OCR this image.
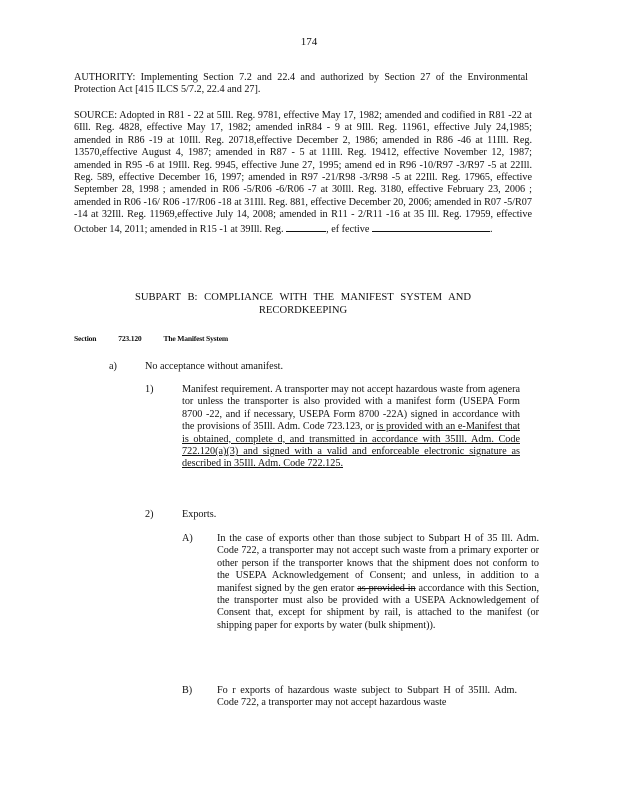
174
AUTHORITY: Implementing Section 7.2 and 22.4 and authorized by Section 27 of the Environmental Protection Act [415 ILCS 5/7.2, 22.4 and 27].
SOURCE: Adopted in R81 - 22 at 5Ill. Reg. 9781, effective May 17, 1982; amended and codified in R81 -22 at 6Ill. Reg. 4828, effective May 17, 1982; amended inR84 - 9 at 9Ill. Reg. 11961, effective July 24,1985; amended in R86 -19 at 10Ill. Reg. 20718,effective December 2, 1986; amended in R86 -46 at 11Ill. Reg. 13570,effective August 4, 1987; amended in R87 - 5 at 11Ill. Reg. 19412, effective November 12, 1987; amended in R95 -6 at 19Ill. Reg. 9945, effective June 27, 1995; amend ed in R96 -10/R97 -3/R97 -5 at 22Ill. Reg. 589, effective December 16, 1997; amended in R97 -21/R98 -3/R98 -5 at 22Ill. Reg. 17965, effective September 28, 1998 ; amended in R06 -5/R06 -6/R06 -7 at 30Ill. Reg. 3180, effective February 23, 2006 ; amended in R06 -16/ R06 -17/R06 -18 at 31Ill. Reg. 881, effective December 20, 2006; amended in R07 -5/R07 -14 at 32Ill. Reg. 11969,effective July 14, 2008; amended in R11 - 2/R11 -16 at 35 Ill. Reg. 17959, effective October 14, 2011; amended in R15 -1 at 39Ill. Reg.	, ef fective	.
SUBPART B: COMPLIANCE WITH THE MANIFEST SYSTEM AND
RECORDKEEPING
Section	723.120	The Manifest System
a)	No acceptance without amanifest.
1)	Manifest requirement. A transporter may not accept hazardous waste from agenera tor unless the transporter is also provided with a manifest form (USEPA Form 8700 -22, and if necessary, USEPA Form 8700 -22A) signed in accordance with the provisions of 35Ill. Adm. Code 723.123, or is provided with an e-Manifest that is obtained, complete d, and transmitted in accordance with 35Ill. Adm. Code 722.120(a)(3) and signed with a valid and enforceable electronic signature as described in 35Ill. Adm. Code 722.125.
2)	Exports.
A) In the case of exports other than those subject to Subpart H of 35 Ill. Adm. Code 722, a transporter may not accept such waste from a primary exporter or other person if the transporter knows that the shipment does not conform to the USEPA Acknowledgement of Consent; and unless, in addition to a manifest signed by the gen erator as provided in accordance with this Section, the transporter must also be provided with a USEPA Acknowledgement of Consent that, except for shipment by rail, is attached to the manifest (or shipping paper for exports by water (bulk shipment)).
B) Fo r exports of hazardous waste subject to Subpart H of 35Ill. Adm. Code 722, a transporter may not accept hazardous waste
